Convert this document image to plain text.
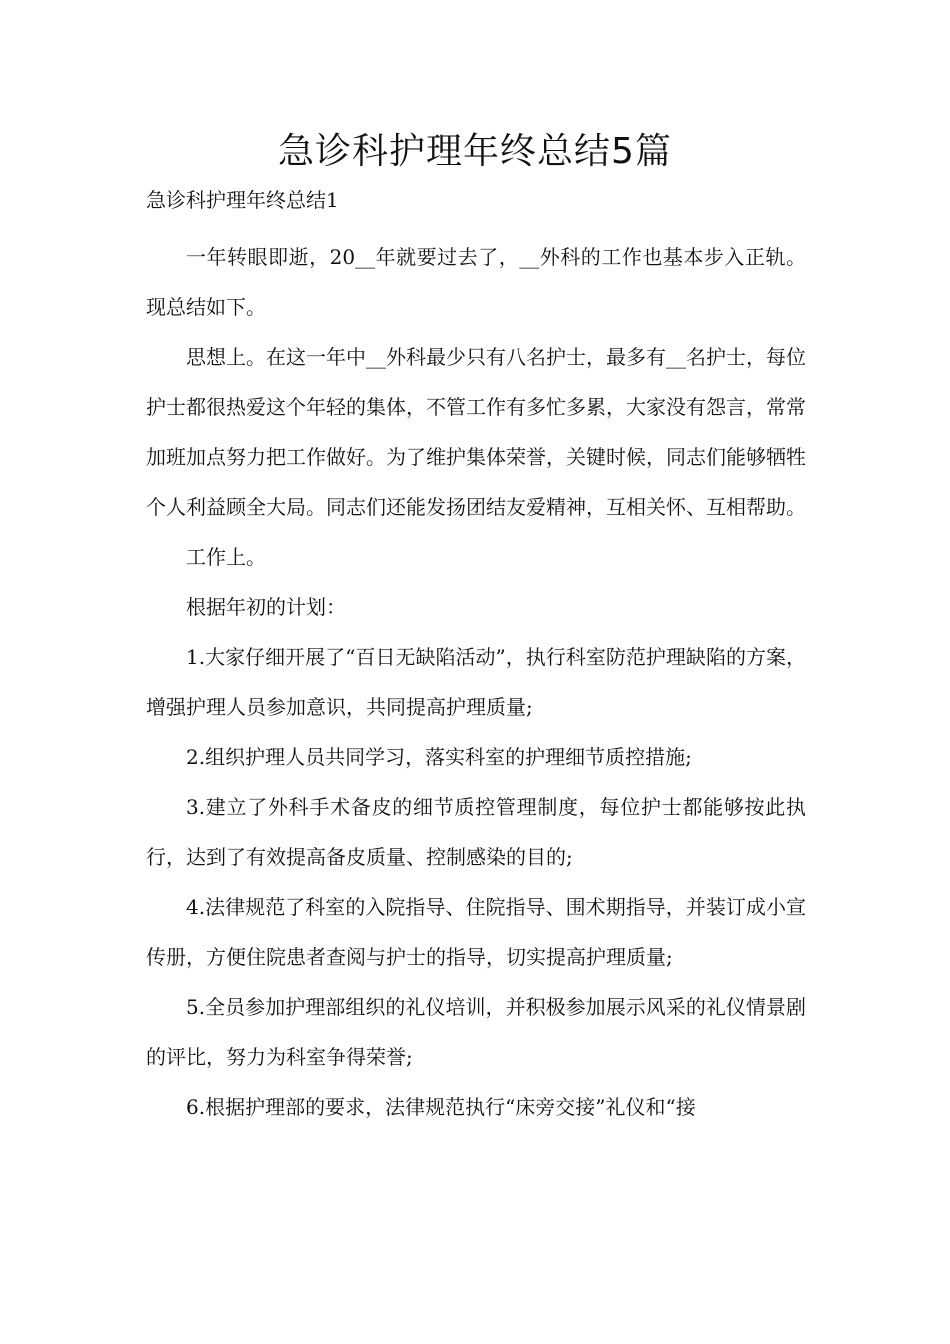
急诊科护理年终总结5篇
急诊科护理年终总结1

一年转眼即逝，20__年就要过去了，__外科的工作也基本步入正轨。现总结如下。

思想上。在这一年中__外科最少只有八名护士，最多有__名护士，每位护士都很热爱这个年轻的集体，不管工作有多忙多累，大家没有怨言，常常加班加点努力把工作做好。为了维护集体荣誉，关键时候，同志们能够牺牲个人利益顾全大局。同志们还能发扬团结友爱精神，互相关怀、互相帮助。

工作上。

根据年初的计划：

1.大家仔细开展了“百日无缺陷活动”，执行科室防范护理缺陷的方案，增强护理人员参加意识，共同提高护理质量;

2.组织护理人员共同学习，落实科室的护理细节质控措施;

3.建立了外科手术备皮的细节质控管理制度，每位护士都能够按此执行，达到了有效提高备皮质量、控制感染的目的;

4.法律规范了科室的入院指导、住院指导、围术期指导，并装订成小宣传册，方便住院患者查阅与护士的指导，切实提高护理质量;

5.全员参加护理部组织的礼仪培训，并积极参加展示风采的礼仪情景剧的评比，努力为科室争得荣誉;

6.根据护理部的要求，法律规范执行“床旁交接”礼仪和“接
